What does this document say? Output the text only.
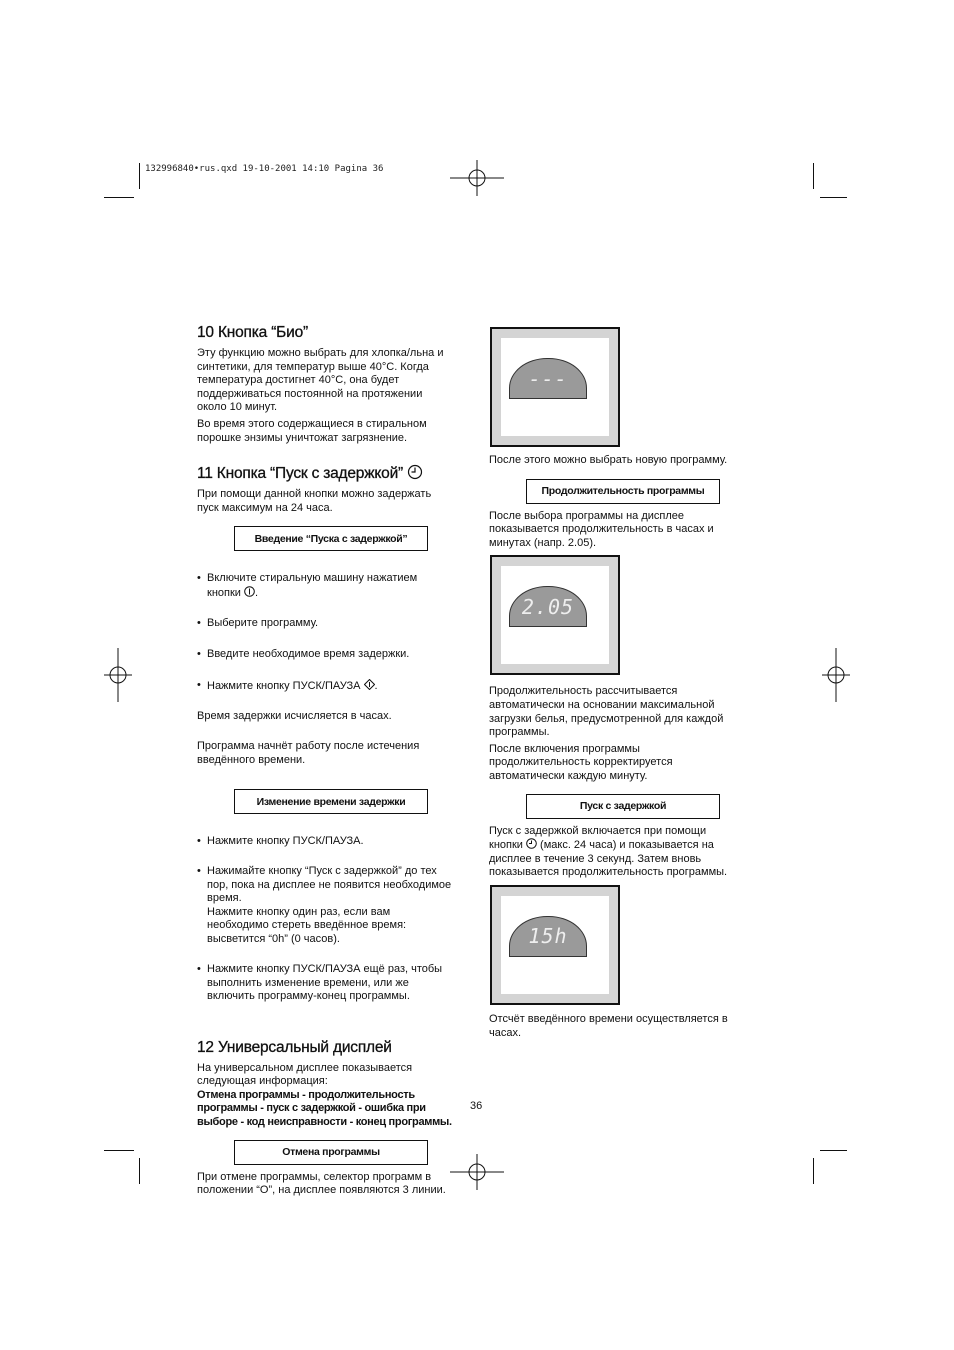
132996840•rus.qxd 19-10-2001 14:10 Pagina 36
10 Кнопка “Био”
Эту функцию можно выбрать для хлопка/льна и
синтетики, для температур выше 40°C. Когда
температура достигнет 40°C, она будет
поддерживаться постоянной на протяжении
около 10 минут.
Во время этого содержащиеся в стиральном
порошке энзимы уничтожат загрязнение.
11 Кнопка “Пуск с задержкой”
При помощи данной кнопки можно задержать
пуск максимум на 24 часа.
Введение “Пуска с задержкой”

• Включите стиральную машину нажатием
кнопки .

• Выберите программу.

• Введите необходимое время задержки.

• Нажмите кнопку ПУСК/ПАУЗА .

Время задержки исчисляется в часах.

Программа начнёт работу после истечения
введённого времени.

Изменение времени задержки

• Нажмите кнопку ПУСК/ПАУЗА.

• Нажимайте кнопку “Пуск с задержкой” до тех
пор, пока на дисплее не появится необходимое
время.
Нажмите кнопку один раз, если вам
необходимо стереть введённое время:
высветится “0h” (0 часов).

• Нажмите кнопку ПУСК/ПАУЗА ещё раз, чтобы
выполнить изменение времени, или же
включить программу-конец программы.

12 Универсальный дисплей
На универсальном дисплее показывается
следующая информация:
Отмена программы - продолжительность
программы - пуск с задержкой - ошибка при
выборе - код неисправности - конец программы.
Отмена программы
При отмене программы, селектор программ в
положении “O”, на дисплее появляются 3 линии.
---
После этого можно выбрать новую программу.
Продолжительность программы
После выбора программы на дисплее
показывается продолжительность в часах и
минутах (напр. 2.05).
2.05
Продолжительность рассчитывается
автоматически на основании максимальной
загрузки белья, предусмотренной для каждой
программы.
После включения программы
продолжительность корректируется
автоматически каждую минуту.
Пуск с задержкой
Пуск с задержкой включается при помощи
кнопки  (макс. 24 часа) и показывается на
дисплее в течение 3 секунд. Затем вновь
показывается продолжительность программы.
15h
Отсчёт введённого времени осуществляется в
часах.
36
